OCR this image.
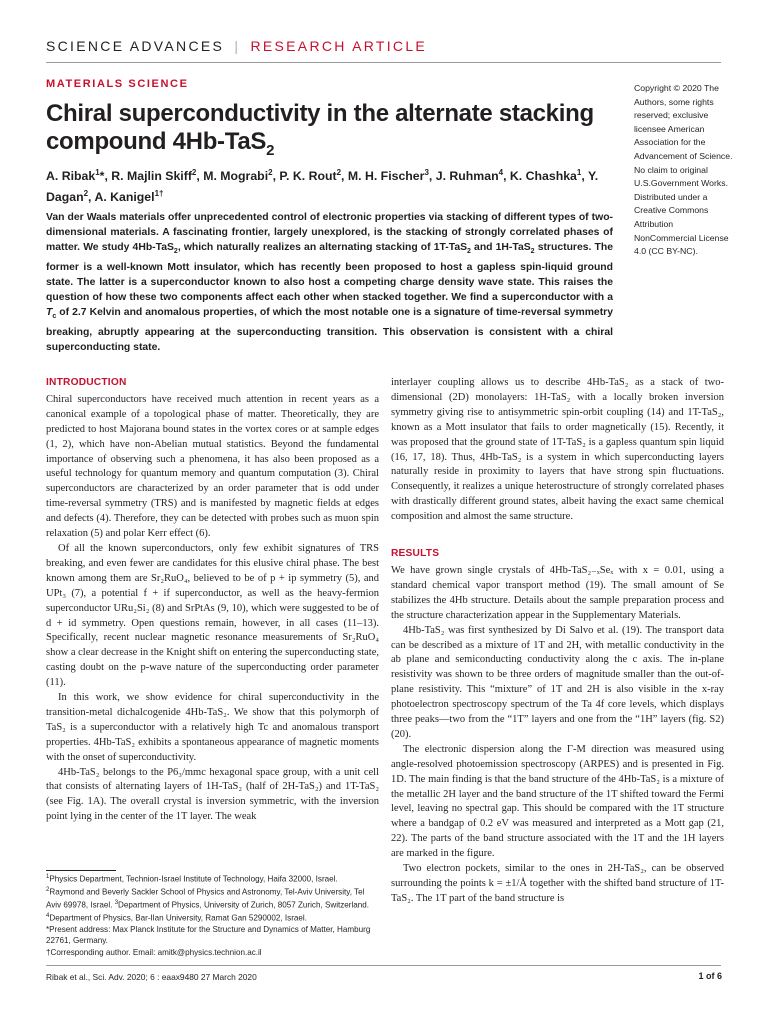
SCIENCE ADVANCES | RESEARCH ARTICLE
MATERIALS SCIENCE
Chiral superconductivity in the alternate stacking
compound 4Hb-TaS$_2$
A. Ribak$^1$*, R. Majlin Skiff$^2$, M. Mograbi$^2$, P. K. Rout$^2$, M. H. Fischer$^3$, J. Ruhman$^4$, K. Chashka$^1$, Y. Dagan$^2$, A. Kanigel$^{1\dagger}$
Copyright © 2020 The Authors, some rights reserved; exclusive licensee American Association for the Advancement of Science. No claim to original U.S.Government Works. Distributed under a Creative Commons Attribution NonCommercial License 4.0 (CC BY-NC).
Van der Waals materials offer unprecedented control of electronic properties via stacking of different types of two-dimensional materials. A fascinating frontier, largely unexplored, is the stacking of strongly correlated phases of matter. We study 4Hb-TaS$_2$, which naturally realizes an alternating stacking of 1T-TaS$_2$ and 1H-TaS$_2$ structures. The former is a well-known Mott insulator, which has recently been proposed to host a gapless spin-liquid ground state. The latter is a superconductor known to also host a competing charge density wave state. This raises the question of how these two components affect each other when stacked together. We find a superconductor with a $T_c$ of 2.7 Kelvin and anomalous properties, of which the most notable one is a signature of time-reversal symmetry breaking, abruptly appearing at the superconducting transition. This observation is consistent with a chiral superconducting state.
INTRODUCTION

Chiral superconductors have received much attention in recent years as a canonical example of a topological phase of matter. Theoretically, they are predicted to host Majorana bound states in the vortex cores or at sample edges (1, 2), which have non-Abelian mutual statistics. Beyond the fundamental importance of observing such a phenomena, it has also been proposed as a useful technology for quantum memory and quantum computation (3). Chiral superconductors are characterized by an order parameter that is odd under time-reversal symmetry (TRS) and is manifested by magnetic fields at edges and defects (4). Therefore, they can be detected with probes such as muon spin relaxation (5) and polar Kerr effect (6).

Of all the known superconductors, only few exhibit signatures of TRS breaking, and even fewer are candidates for this elusive chiral phase. The best known among them are Sr₂RuO₄, believed to be of p + ip symmetry (5), and UPt₃ (7), a potential f + if superconductor, as well as the heavy-fermion superconductor URu₂Si₂ (8) and SrPtAs (9, 10), which were suggested to be of d + id symmetry. Open questions remain, however, in all cases (11–13). Specifically, recent nuclear magnetic resonance measurements of Sr₂RuO₄ show a clear decrease in the Knight shift on entering the superconducting state, casting doubt on the p-wave nature of the superconducting order parameter (11).

In this work, we show evidence for chiral superconductivity in the transition-metal dichalcogenide 4Hb-TaS₂. We show that this polymorph of TaS₂ is a superconductor with a relatively high Tc and anomalous transport properties. 4Hb-TaS₂ exhibits a spontaneous appearance of magnetic moments with the onset of superconductivity.

4Hb-TaS₂ belongs to the P6₃/mmc hexagonal space group, with a unit cell that consists of alternating layers of 1H-TaS₂ (half of 2H-TaS₂) and 1T-TaS₂ (see Fig. 1A). The overall crystal is inversion symmetric, with the inversion point lying in the center of the 1T layer. The weak

interlayer coupling allows us to describe 4Hb-TaS₂ as a stack of two-dimensional (2D) monolayers: 1H-TaS₂ with a locally broken inversion symmetry giving rise to antisymmetric spin-orbit coupling (14) and 1T-TaS₂, known as a Mott insulator that fails to order magnetically (15). Recently, it was proposed that the ground state of 1T-TaS₂ is a gapless quantum spin liquid (16, 17, 18). Thus, 4Hb-TaS₂ is a system in which superconducting layers naturally reside in proximity to layers that have strong spin fluctuations. Consequently, it realizes a unique heterostructure of strongly correlated phases with drastically different ground states, albeit having the exact same chemical composition and almost the same structure.

RESULTS

We have grown single crystals of 4Hb-TaS₂₋ₓSeₓ with x = 0.01, using a standard chemical vapor transport method (19). The small amount of Se stabilizes the 4Hb structure. Details about the sample preparation process and the structure characterization appear in the Supplementary Materials.

4Hb-TaS₂ was first synthesized by Di Salvo et al. (19). The transport data can be described as a mixture of 1T and 2H, with metallic conductivity in the ab plane and semiconducting conductivity along the c axis. The in-plane resistivity was shown to be three orders of magnitude smaller than the out-of-plane resistivity. This “mixture” of 1T and 2H is also visible in the x-ray photoelectron spectroscopy spectrum of the Ta 4f core levels, which displays three peaks—two from the “1T” layers and one from the “1H” layers (fig. S2) (20).

The electronic dispersion along the Γ-M direction was measured using angle-resolved photoemission spectroscopy (ARPES) and is presented in Fig. 1D. The main finding is that the band structure of the 4Hb-TaS₂ is a mixture of the metallic 2H layer and the band structure of the 1T shifted toward the Fermi level, leaving no spectral gap. This should be compared with the 1T structure where a bandgap of 0.2 eV was measured and interpreted as a Mott gap (21, 22). The parts of the band structure associated with the 1T and the 1H layers are marked in the figure.

Two electron pockets, similar to the ones in 2H-TaS₂, can be observed surrounding the points k = ±1/Å together with the shifted band structure of 1T-TaS₂. The 1T part of the band structure is

$^1$Physics Department, Technion-Israel Institute of Technology, Haifa 32000, Israel.
$^2$Raymond and Beverly Sackler School of Physics and Astronomy, Tel-Aviv University, Tel Aviv 69978, Israel. $^3$Department of Physics, University of Zurich, 8057 Zurich, Switzerland. $^4$Department of Physics, Bar-Ilan University, Ramat Gan 5290002, Israel.
*Present address: Max Planck Institute for the Structure and Dynamics of Matter, Hamburg 22761, Germany.
†Corresponding author. Email: amitk@physics.technion.ac.il
Ribak et al., Sci. Adv. 2020; 6 : eaax9480 27 March 2020	1 of 6
